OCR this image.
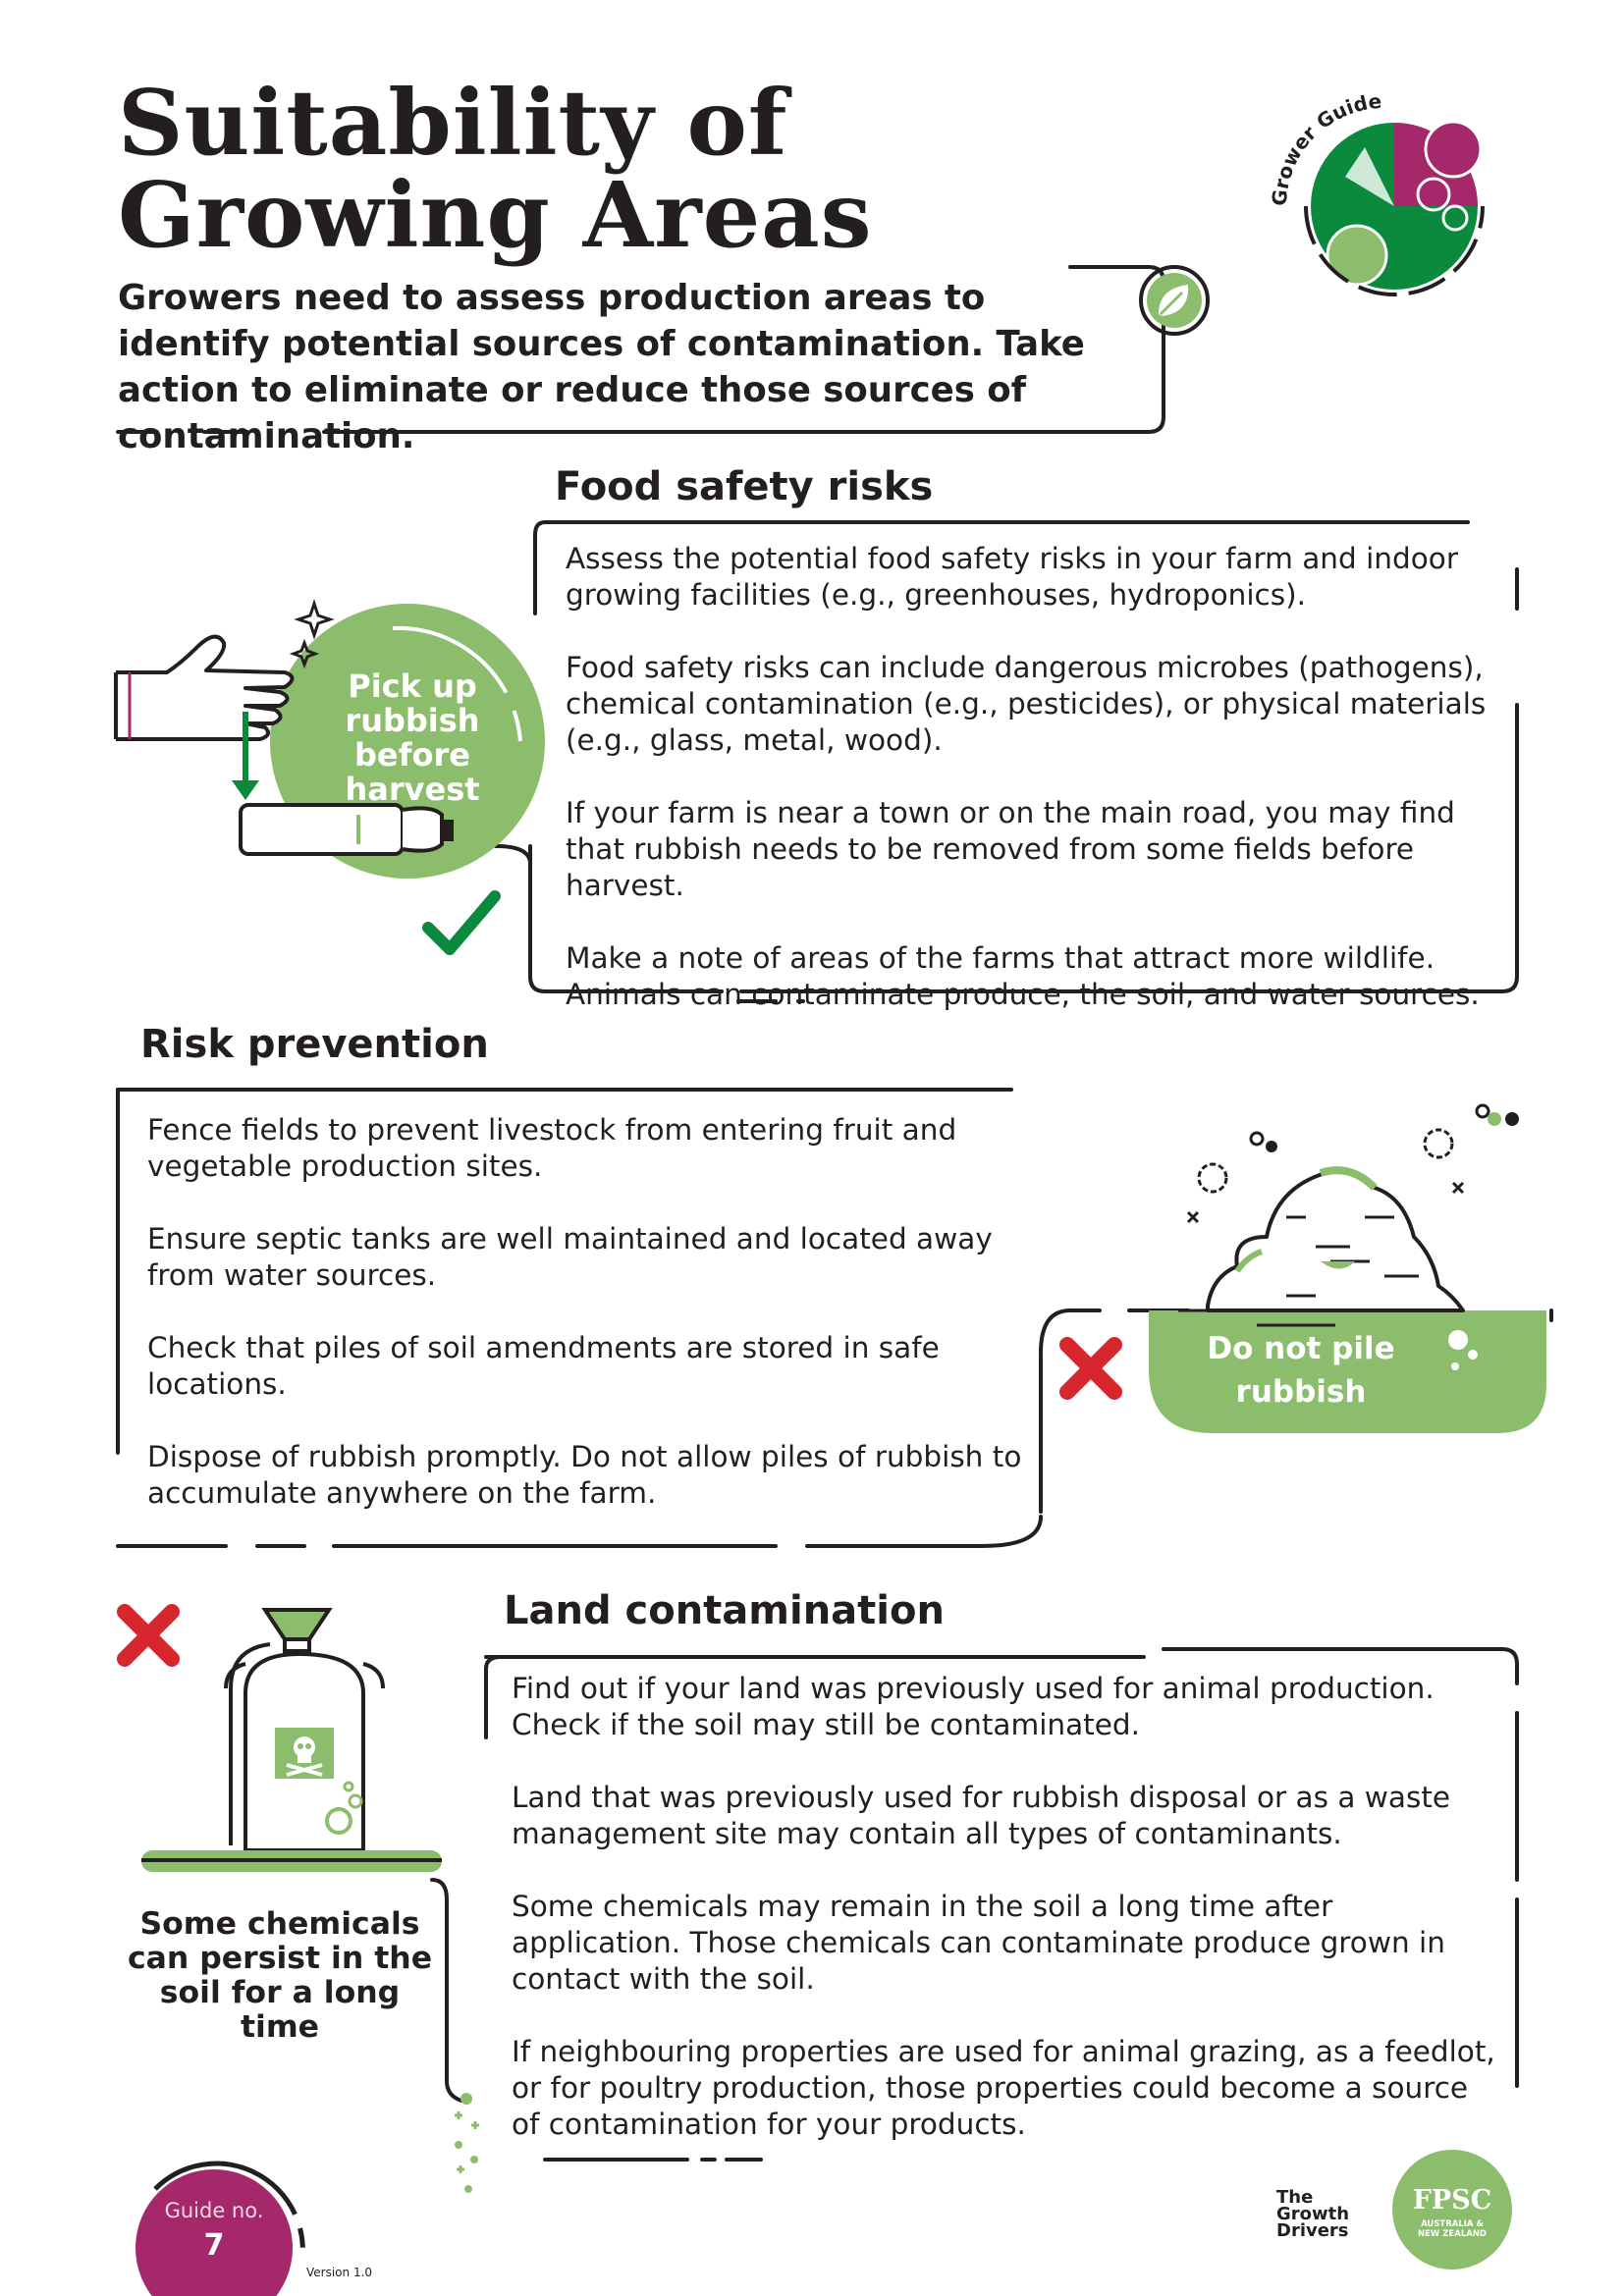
Suitability of Growing Areas
Growers need to assess production areas to identify potential sources of contamination. Take action to eliminate or reduce those sources of contamination.
Grower Guide
Food safety risks

Assess the potential food safety risks in your farm and indoor growing facilities (e.g., greenhouses, hydroponics).

Food safety risks can include dangerous microbes (pathogens), chemical contamination (e.g., pesticides), or physical materials (e.g., glass, metal, wood).

If your farm is near a town or on the main road, you may find that rubbish needs to be removed from some fields before harvest.

Make a note of areas of the farms that attract more wildlife. Animals can contaminate produce, the soil, and water sources.

Pick up rubbish before harvest
Risk prevention

Fence fields to prevent livestock from entering fruit and vegetable production sites.

Ensure septic tanks are well maintained and located away from water sources.

Check that piles of soil amendments are stored in safe locations.

Dispose of rubbish promptly. Do not allow piles of rubbish to accumulate anywhere on the farm.

Do not pile rubbish
Land contamination

Find out if your land was previously used for animal production. Check if the soil may still be contaminated.

Land that was previously used for rubbish disposal or as a waste management site may contain all types of contaminants.

Some chemicals may remain in the soil a long time after application. Those chemicals can contaminate produce grown in contact with the soil.

If neighbouring properties are used for animal grazing, as a feedlot, or for poultry production, those properties could become a source of contamination for your products.

Some chemicals can persist in the soil for a long time
Guide no.
7
Version 1.0
The
Growth
Drivers
FPSC
AUSTRALIA &
NEW ZEALAND
